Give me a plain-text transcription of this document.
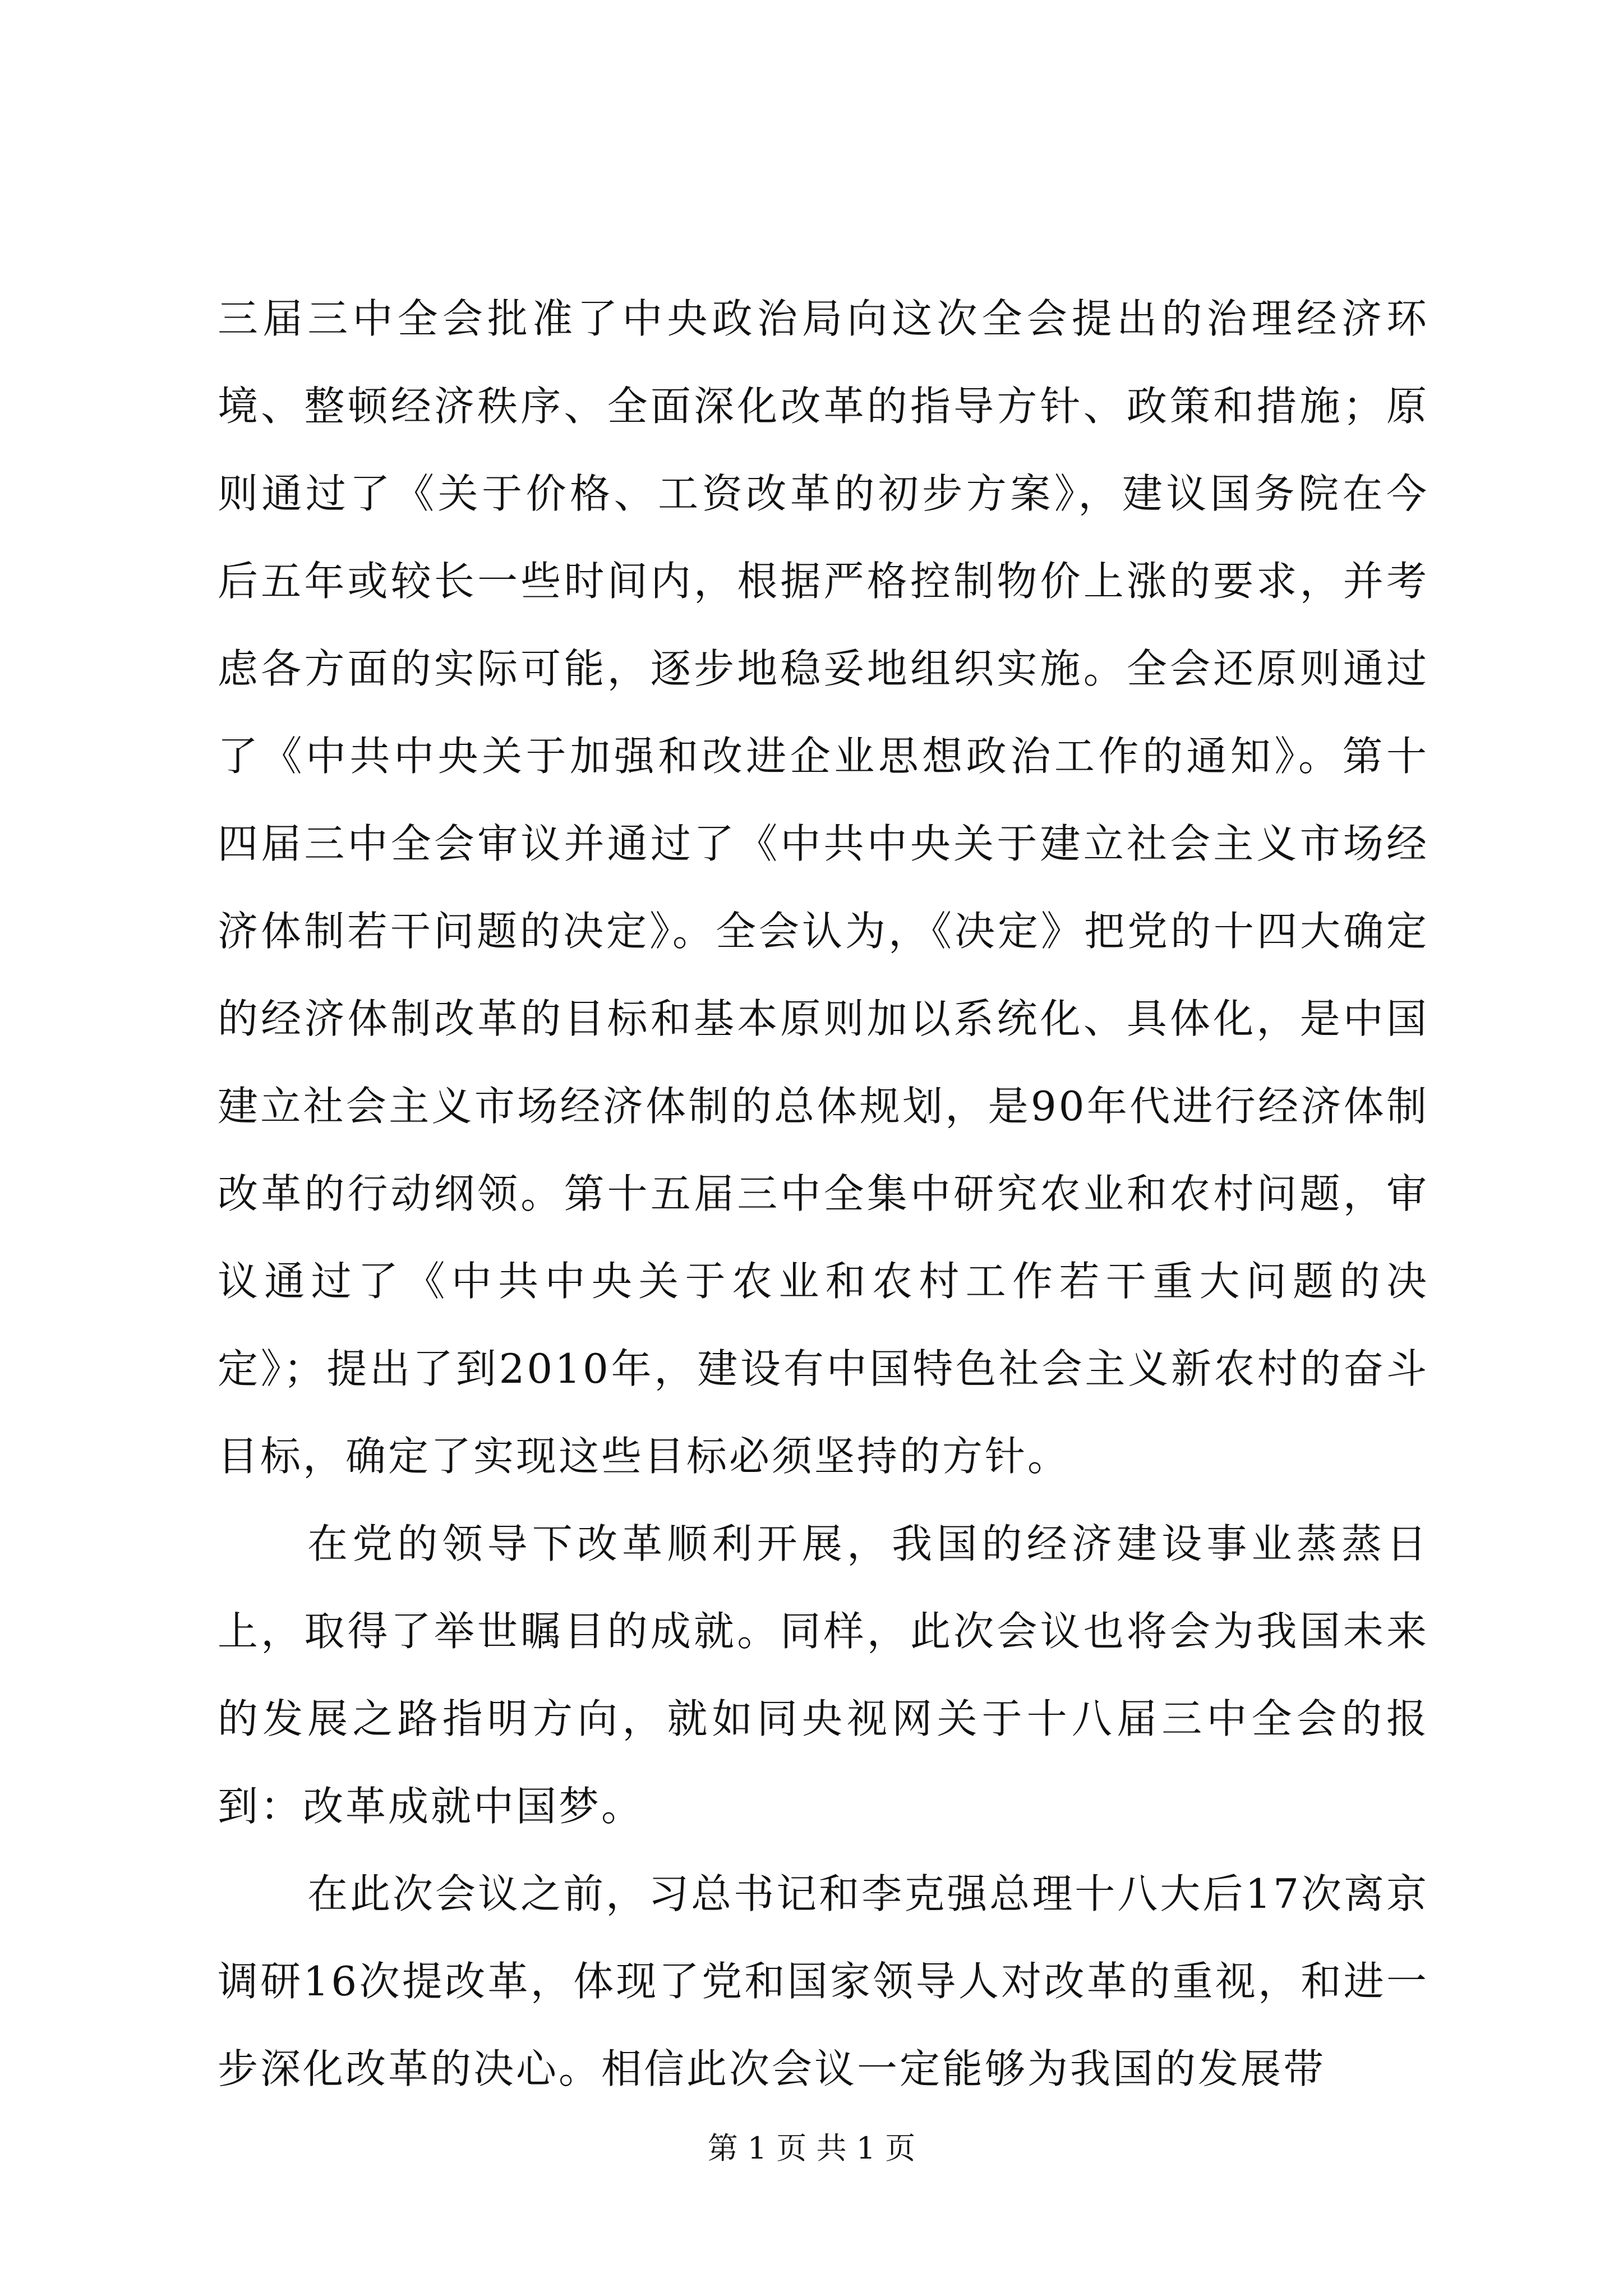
三届三中全会批准了中央政治局向这次全会提出的治理经济环境、整顿经济秩序、全面深化改革的指导方针、政策和措施；原则通过了《关于价格、工资改革的初步方案》，建议国务院在今后五年或较长一些时间内，根据严格控制物价上涨的要求，并考虑各方面的实际可能，逐步地稳妥地组织实施。全会还原则通过了《中共中央关于加强和改进企业思想政治工作的通知》。第十四届三中全会审议并通过了《中共中央关于建立社会主义市场经济体制若干问题的决定》。全会认为，《决定》把党的十四大确定的经济体制改革的目标和基本原则加以系统化、具体化，是中国建立社会主义市场经济体制的总体规划，是90年代进行经济体制改革的行动纲领。第十五届三中全集中研究农业和农村问题，审议通过了《中共中央关于农业和农村工作若干重大问题的决定》；提出了到2010年，建设有中国特色社会主义新农村的奋斗目标，确定了实现这些目标必须坚持的方针。

在党的领导下改革顺利开展，我国的经济建设事业蒸蒸日上，取得了举世瞩目的成就。同样，此次会议也将会为我国未来的发展之路指明方向，就如同央视网关于十八届三中全会的报到：改革成就中国梦。

在此次会议之前，习总书记和李克强总理十八大后17次离京调研16次提改革，体现了党和国家领导人对改革的重视，和进一步深化改革的决心。相信此次会议一定能够为我国的发展带

第 1 页 共 1 页
